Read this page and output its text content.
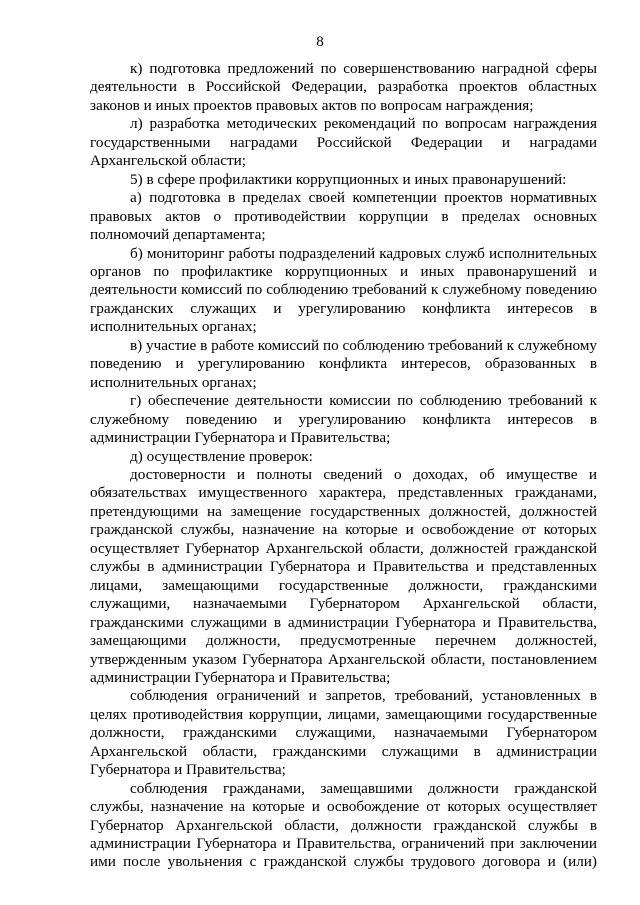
8

к) подготовка предложений по совершенствованию наградной сферы деятельности в Российской Федерации, разработка проектов областных законов и иных проектов правовых актов по вопросам награждения;

л) разработка методических рекомендаций по вопросам награждения государственными наградами Российской Федерации и наградами Архангельской области;

5) в сфере профилактики коррупционных и иных правонарушений:

а) подготовка в пределах своей компетенции проектов нормативных правовых актов о противодействии коррупции в пределах основных полномочий департамента;

б) мониторинг работы подразделений кадровых служб исполнительных органов по профилактике коррупционных и иных правонарушений и деятельности комиссий по соблюдению требований к служебному поведению гражданских служащих и урегулированию конфликта интересов в исполнительных органах;

в) участие в работе комиссий по соблюдению требований к служебному поведению и урегулированию конфликта интересов, образованных в исполнительных органах;

г) обеспечение деятельности комиссии по соблюдению требований к служебному поведению и урегулированию конфликта интересов в администрации Губернатора и Правительства;

д) осуществление проверок:

достоверности и полноты сведений о доходах, об имуществе и обязательствах имущественного характера, представленных гражданами, претендующими на замещение государственных должностей, должностей гражданской службы, назначение на которые и освобождение от которых осуществляет Губернатор Архангельской области, должностей гражданской службы в администрации Губернатора и Правительства и представленных лицами, замещающими государственные должности, гражданскими служащими, назначаемыми Губернатором Архангельской области, гражданскими служащими в администрации Губернатора и Правительства, замещающими должности, предусмотренные перечнем должностей, утвержденным указом Губернатора Архангельской области, постановлением администрации Губернатора и Правительства;

соблюдения ограничений и запретов, требований, установленных в целях противодействия коррупции, лицами, замещающими государственные должности, гражданскими служащими, назначаемыми Губернатором Архангельской области, гражданскими служащими в администрации Губернатора и Правительства;

соблюдения гражданами, замещавшими должности гражданской службы, назначение на которые и освобождение от которых осуществляет Губернатор Архангельской области, должности гражданской службы в администрации Губернатора и Правительства, ограничений при заключении ими после увольнения с гражданской службы трудового договора и (или)
